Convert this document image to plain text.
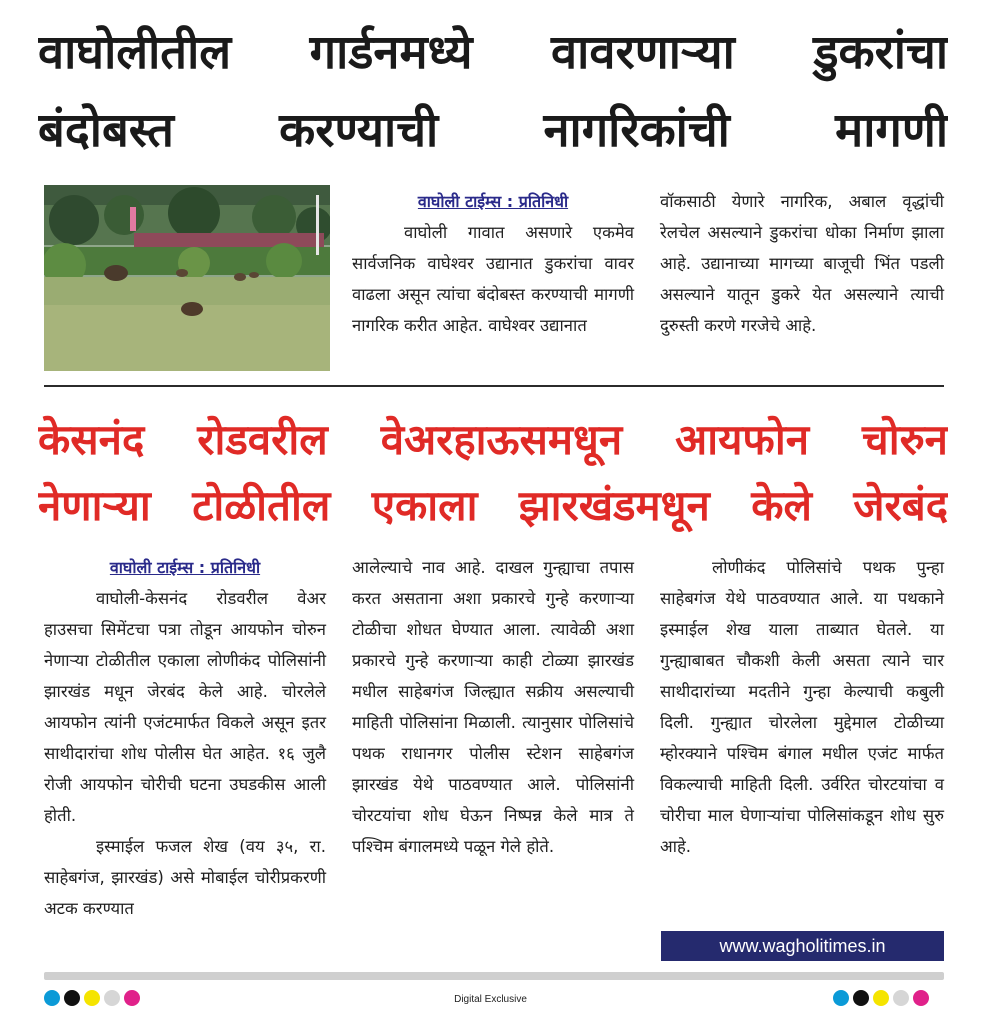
वाघोलीतील गार्डनमध्ये वावरणाऱ्या डुकरांचा
बंदोबस्त करण्याची नागरिकांची मागणी
वाघोली टाईम्स : प्रतिनिधी

वाघोली गावात असणारे एकमेव सार्वजनिक वाघेश्वर उद्यानात डुकरांचा वावर वाढला असून त्यांचा बंदोबस्त करण्याची मागणी नागरिक करीत आहेत. वाघेश्वर उद्यानात

वॉकसाठी येणारे नागरिक, अबाल वृद्धांची रेलचेल असल्याने डुकरांचा धोका निर्माण झाला आहे. उद्यानाच्या मागच्या बाजूची भिंत पडली असल्याने यातून डुकरे येत असल्याने त्याची दुरुस्ती करणे गरजेचे आहे.

केसनंद रोडवरील वेअरहाऊसमधून आयफोन चोरुन
नेणाऱ्या टोळीतील एकाला झारखंडमधून केले जेरबंद
वाघोली टाईम्स : प्रतिनिधी

वाघोली-केसनंद रोडवरील वेअर हाउसचा सिमेंटचा पत्रा तोडून आयफोन चोरुन नेणाऱ्या टोळीतील एकाला लोणीकंद पोलिसांनी झारखंड मधून जेरबंद केले आहे. चोरलेले आयफोन त्यांनी एजंटमार्फत विकले असून इतर साथीदारांचा शोध पोलीस घेत आहेत. १६ जुलै रोजी आयफोन चोरीची घटना उघडकीस आली होती.

इस्माईल फजल शेख (वय ३५, रा. साहेबगंज, झारखंड) असे मोबाईल चोरीप्रकरणी अटक करण्यात

आलेल्याचे नाव आहे. दाखल गुन्ह्याचा तपास करत असताना अशा प्रकारचे गुन्हे करणाऱ्या टोळीचा शोधत घेण्यात आला. त्यावेळी अशा प्रकारचे गुन्हे करणाऱ्या काही टोळ्या झारखंड मधील साहेबगंज जिल्ह्यात सक्रीय असल्याची माहिती पोलिसांना मिळाली. त्यानुसार पोलिसांचे पथक राधानगर पोलीस स्टेशन साहेबगंज झारखंड येथे पाठवण्यात आले. पोलिसांनी चोरटयांचा शोध घेऊन निष्पन्न केले मात्र ते पश्चिम बंगालमध्ये पळून गेले होते.

लोणीकंद पोलिसांचे पथक पुन्हा साहेबगंज येथे पाठवण्यात आले. या पथकाने इस्माईल शेख याला ताब्यात घेतले. या गुन्ह्याबाबत चौकशी केली असता त्याने चार साथीदारांच्या मदतीने गुन्हा केल्याची कबुली दिली. गुन्ह्यात चोरलेला मुद्देमाल टोळीच्या म्होरक्याने पश्चिम बंगाल मधील एजंट मार्फत विकल्याची माहिती दिली. उर्वरित चोरटयांचा व चोरीचा माल घेणाऱ्यांचा पोलिसांकडून शोध सुरु आहे.

www.wagholitimes.in
Digital Exclusive
